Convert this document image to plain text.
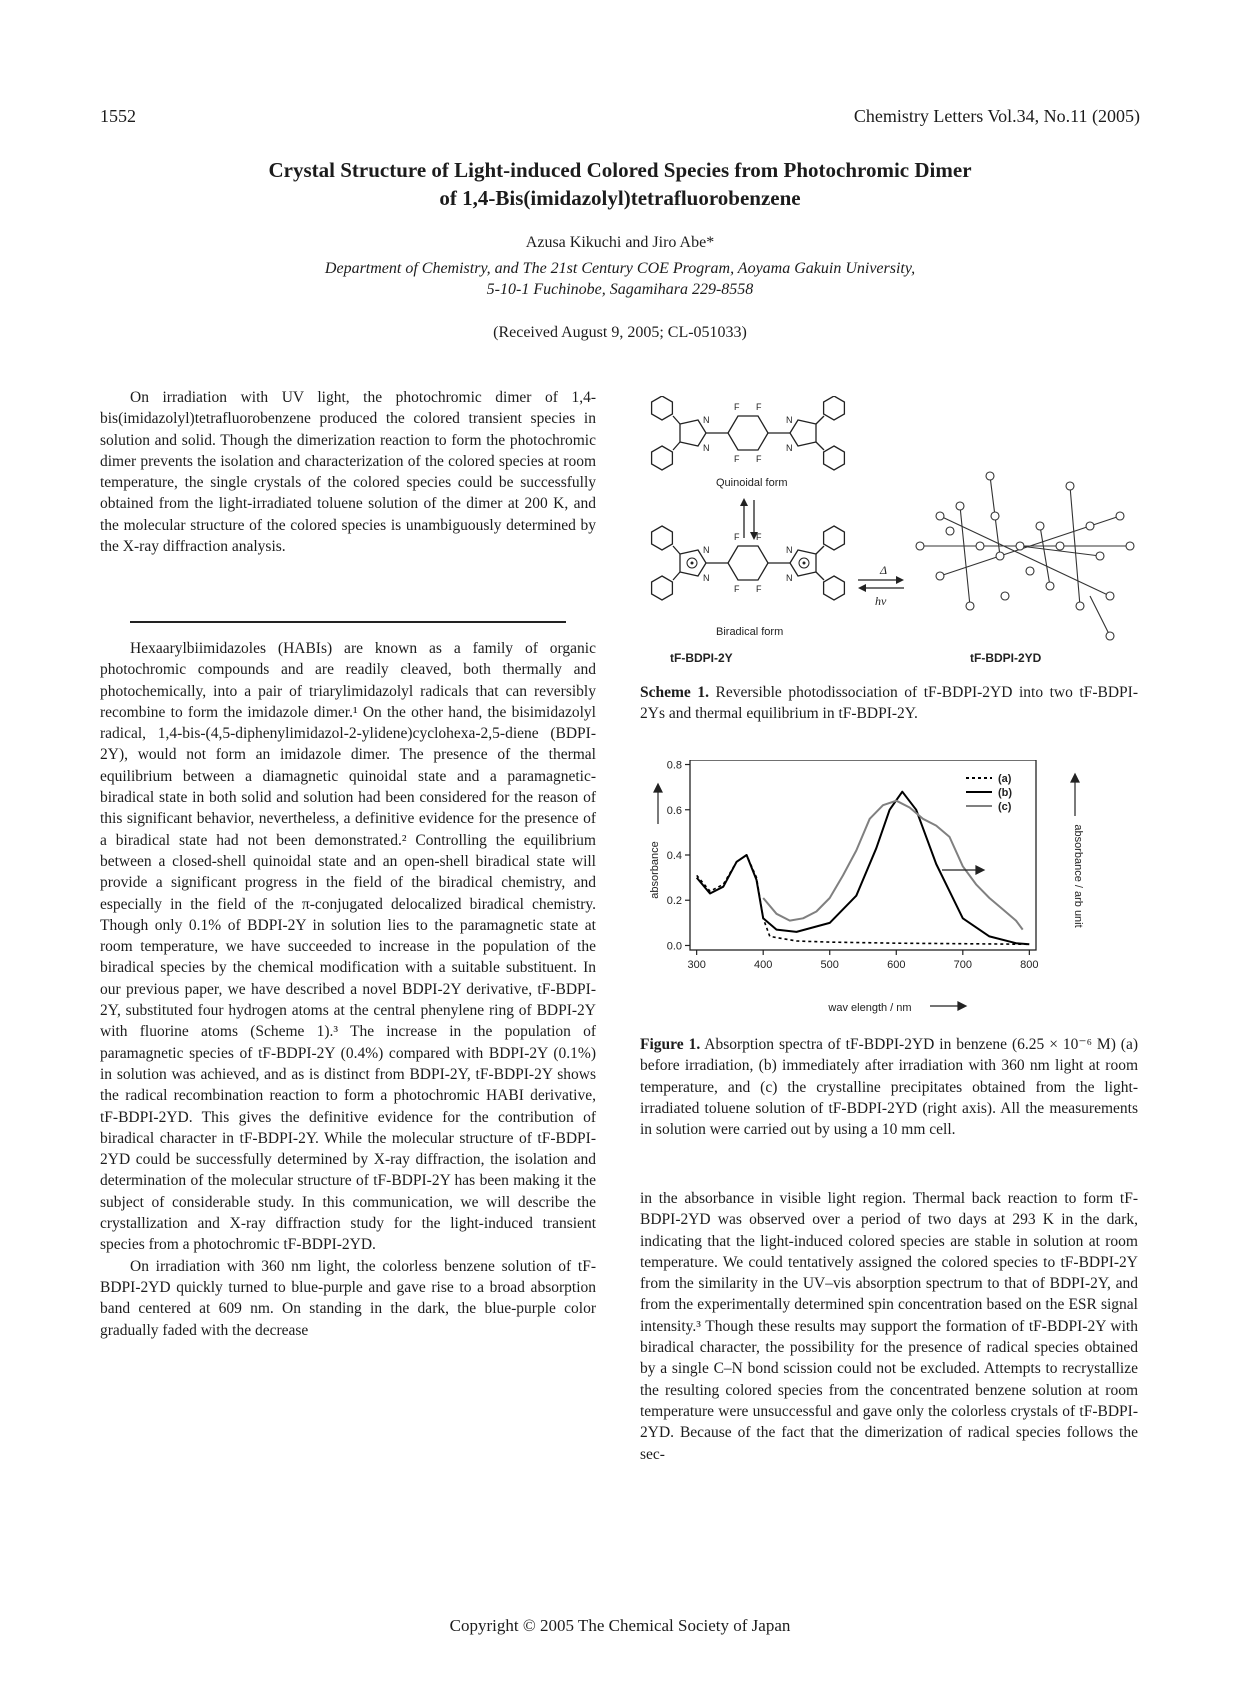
1552	Chemistry Letters Vol.34, No.11 (2005)
Crystal Structure of Light-induced Colored Species from Photochromic Dimer
of 1,4-Bis(imidazolyl)tetrafluorobenzene
Azusa Kikuchi and Jiro Abe*
Department of Chemistry, and The 21st Century COE Program, Aoyama Gakuin University,
5-10-1 Fuchinobe, Sagamihara 229-8558
(Received August 9, 2005; CL-051033)

On irradiation with UV light, the photochromic dimer of 1,4-bis(imidazolyl)tetrafluorobenzene produced the colored transient species in solution and solid. Though the dimerization reaction to form the photochromic dimer prevents the isolation and characterization of the colored species at room temperature, the single crystals of the colored species could be successfully obtained from the light-irradiated toluene solution of the dimer at 200 K, and the molecular structure of the colored species is unambiguously determined by the X-ray diffraction analysis.

Hexaarylbiimidazoles (HABIs) are known as a family of organic photochromic compounds and are readily cleaved, both thermally and photochemically, into a pair of triarylimidazolyl radicals that can reversibly recombine to form the imidazole dimer.¹ On the other hand, the bisimidazolyl radical, 1,4-bis-(4,5-diphenylimidazol-2-ylidene)cyclohexa-2,5-diene (BDPI-2Y), would not form an imidazole dimer. The presence of the thermal equilibrium between a diamagnetic quinoidal state and a paramagnetic-biradical state in both solid and solution had been considered for the reason of this significant behavior, nevertheless, a definitive evidence for the presence of a biradical state had not been demonstrated.² Controlling the equilibrium between a closed-shell quinoidal state and an open-shell biradical state will provide a significant progress in the field of the biradical chemistry, and especially in the field of the π-conjugated delocalized biradical chemistry. Though only 0.1% of BDPI-2Y in solution lies to the paramagnetic state at room temperature, we have succeeded to increase in the population of the biradical species by the chemical modification with a suitable substituent. In our previous paper, we have described a novel BDPI-2Y derivative, tF-BDPI-2Y, substituted four hydrogen atoms at the central phenylene ring of BDPI-2Y with fluorine atoms (Scheme 1).³ The increase in the population of paramagnetic species of tF-BDPI-2Y (0.4%) compared with BDPI-2Y (0.1%) in solution was achieved, and as is distinct from BDPI-2Y, tF-BDPI-2Y shows the radical recombination reaction to form a photochromic HABI derivative, tF-BDPI-2YD. This gives the definitive evidence for the contribution of biradical character in tF-BDPI-2Y. While the molecular structure of tF-BDPI-2YD could be successfully determined by X-ray diffraction, the isolation and determination of the molecular structure of tF-BDPI-2Y has been making it the subject of considerable study. In this communication, we will describe the crystallization and X-ray diffraction study for the light-induced transient species from a photochromic tF-BDPI-2YD.

On irradiation with 360 nm light, the colorless benzene solution of tF-BDPI-2YD quickly turned to blue-purple and gave rise to a broad absorption band centered at 609 nm. On standing in the dark, the blue-purple color gradually faded with the decrease

N
N
N
N
F F
F F
Quinoidal form
N
N
N
N
F F
F F
Biradical form
Δ
hν
tF-BDPI-2Y	tF-BDPI-2YD
Scheme 1. Reversible photodissociation of tF-BDPI-2YD into two tF-BDPI-2Ys and thermal equilibrium in tF-BDPI-2Y.
300	400	500	600	700	800
0.0
0.2
0.4
0.6
0.8
(a)
(b)
(c)
absorbance	absorbance / arb unit
wav elength / nm
Figure 1. Absorption spectra of tF-BDPI-2YD in benzene (6.25 × 10⁻⁶ M) (a) before irradiation, (b) immediately after irradiation with 360 nm light at room temperature, and (c) the crystalline precipitates obtained from the light-irradiated toluene solution of tF-BDPI-2YD (right axis). All the measurements in solution were carried out by using a 10 mm cell.

in the absorbance in visible light region. Thermal back reaction to form tF-BDPI-2YD was observed over a period of two days at 293 K in the dark, indicating that the light-induced colored species are stable in solution at room temperature. We could tentatively assigned the colored species to tF-BDPI-2Y from the similarity in the UV–vis absorption spectrum to that of BDPI-2Y, and from the experimentally determined spin concentration based on the ESR signal intensity.³ Though these results may support the formation of tF-BDPI-2Y with biradical character, the possibility for the presence of radical species obtained by a single C–N bond scission could not be excluded. Attempts to recrystallize the resulting colored species from the concentrated benzene solution at room temperature were unsuccessful and gave only the colorless crystals of tF-BDPI-2YD. Because of the fact that the dimerization of radical species follows the sec-

Copyright © 2005 The Chemical Society of Japan
